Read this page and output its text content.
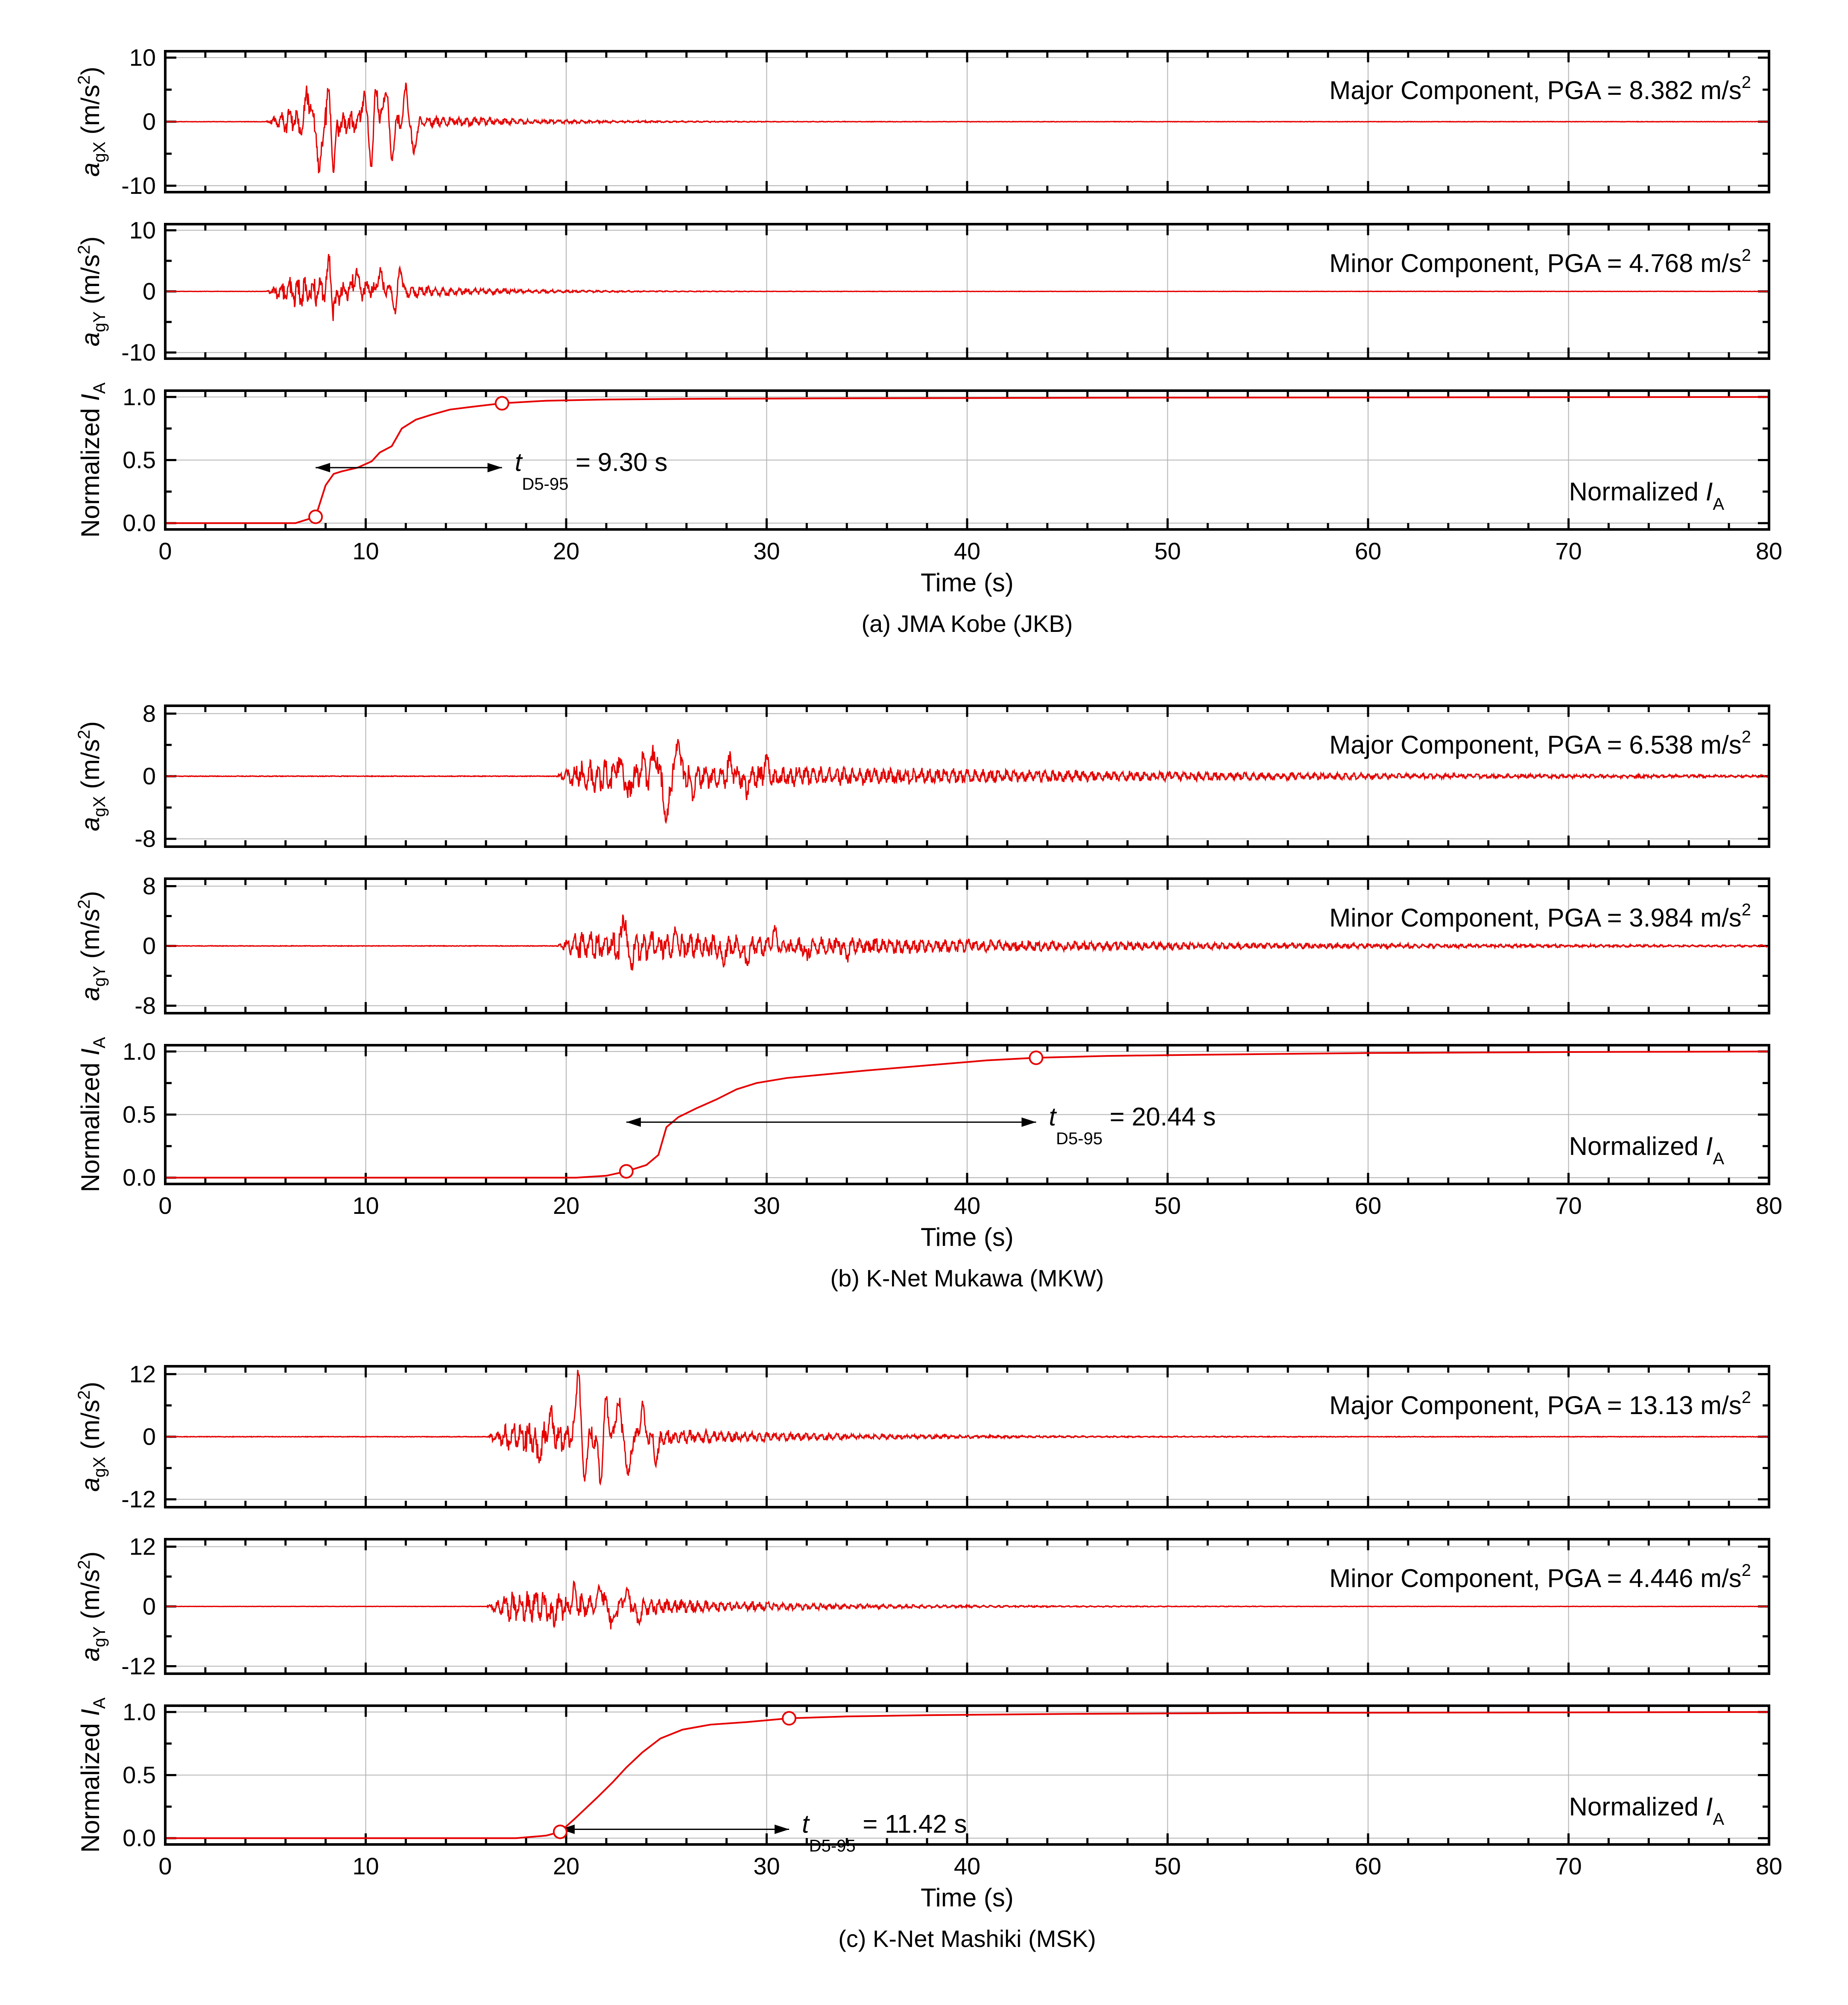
-10
0
10
$a_{gX}$ $(m/s^2)$
Major Component, PGA = 8.382 $m/s^2$
-10
0
10
$a_{gY}$ $(m/s^2)$
Minor Component, PGA = 4.768 $m/s^2$
0.0
0.5
1.0
Normalized $I_A$
$t_{D5-95} = 9.30$ s
Normalized $I_A$
0	10	20	30	40	50	60	70	80
Time (s)
(a) JMA Kobe (JKB)
-8
0
8
$a_{gX}$ $(m/s^2)$
Major Component, PGA = 6.538 $m/s^2$
-8
0
8
$a_{gY}$ $(m/s^2)$
Minor Component, PGA = 3.984 $m/s^2$
0.0
0.5
1.0
Normalized $I_A$
$t_{D5-95} = 20.44$ s
Normalized $I_A$
0	10	20	30	40	50	60	70	80
Time (s)
(b) K-Net Mukawa (MKW)
-12
0
12
$a_{gX}$ $(m/s^2)$
Major Component, PGA = 13.13 $m/s^2$
-12
0
12
$a_{gY}$ $(m/s^2)$
Minor Component, PGA = 4.446 $m/s^2$
0.0
0.5
1.0
Normalized $I_A$
$t_{D5-95} = 11.42$ s
Normalized $I_A$
0	10	20	30	40	50	60	70	80
Time (s)
(c) K-Net Mashiki (MSK)
